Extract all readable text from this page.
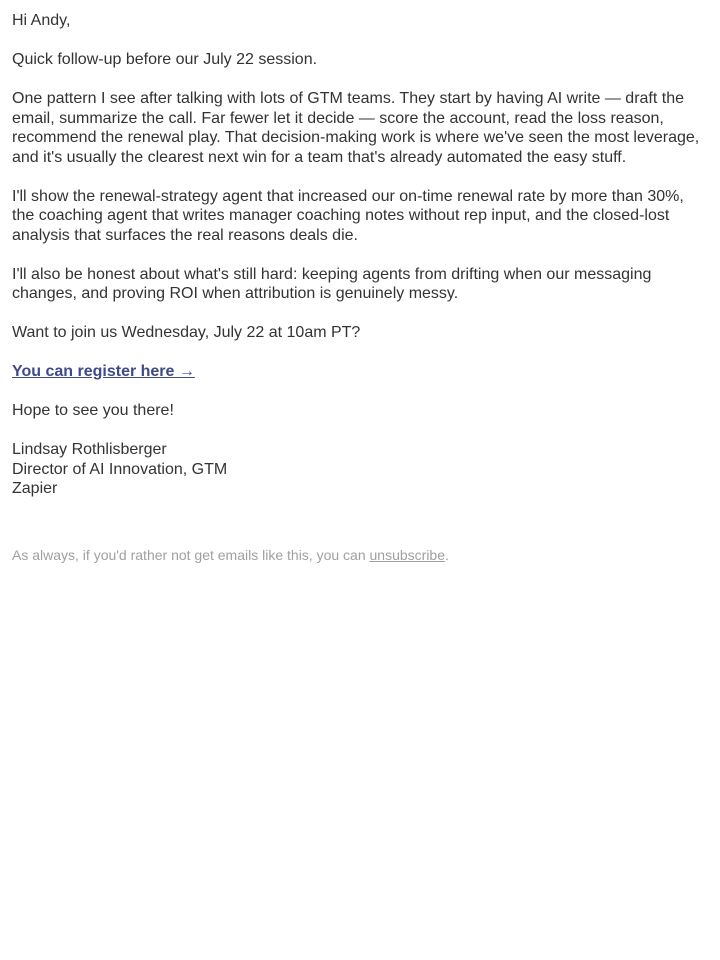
Hi Andy,
Quick follow-up before our July 22 session.
One pattern I see after talking with lots of GTM teams. They start by having AI write — draft the email, summarize the call. Far fewer let it decide — score the account, read the loss reason, recommend the renewal play. That decision-making work is where we've seen the most leverage, and it's usually the clearest next win for a team that's already automated the easy stuff.
I'll show the renewal-strategy agent that increased our on-time renewal rate by more than 30%, the coaching agent that writes manager coaching notes without rep input, and the closed-lost analysis that surfaces the real reasons deals die.
I'll also be honest about what's still hard: keeping agents from drifting when our messaging changes, and proving ROI when attribution is genuinely messy.
Want to join us Wednesday, July 22 at 10am PT?
You can register here →
Hope to see you there!
Lindsay Rothlisberger
Director of AI Innovation, GTM
Zapier
As always, if you'd rather not get emails like this, you can unsubscribe.
